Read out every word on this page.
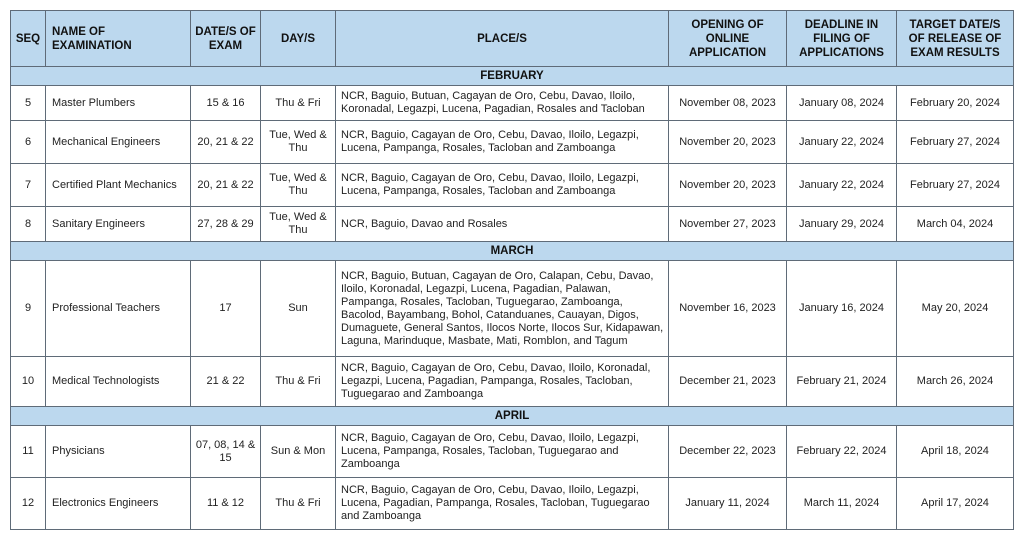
SEQ	NAME OF EXAMINATION	DATE/S OF EXAM	DAY/S	PLACE/S	OPENING OF ONLINE APPLICATION	DEADLINE IN FILING OF APPLICATIONS	TARGET DATE/S OF RELEASE OF EXAM RESULTS
FEBRUARY							
5	Master Plumbers	15 & 16	Thu & Fri	NCR, Baguio, Butuan, Cagayan de Oro, Cebu, Davao, Iloilo, Koronadal, Legazpi, Lucena, Pagadian, Rosales and Tacloban	November 08, 2023	January 08, 2024	February 20, 2024
6	Mechanical Engineers	20, 21 & 22	Tue, Wed & Thu	NCR, Baguio, Cagayan de Oro, Cebu, Davao, Iloilo, Legazpi, Lucena, Pampanga, Rosales, Tacloban and Zamboanga	November 20, 2023	January 22, 2024	February 27, 2024
7	Certified Plant Mechanics	20, 21 & 22	Tue, Wed & Thu	NCR, Baguio, Cagayan de Oro, Cebu, Davao, Iloilo, Legazpi, Lucena, Pampanga, Rosales, Tacloban and Zamboanga	November 20, 2023	January 22, 2024	February 27, 2024
8	Sanitary Engineers	27, 28 & 29	Tue, Wed & Thu	NCR, Baguio, Davao and Rosales	November 27, 2023	January 29, 2024	March 04, 2024
MARCH							
9	Professional Teachers	17	Sun	NCR, Baguio, Butuan, Cagayan de Oro, Calapan, Cebu, Davao, Iloilo, Koronadal, Legazpi, Lucena, Pagadian, Palawan, Pampanga, Rosales, Tacloban, Tuguegarao, Zamboanga, Bacolod, Bayambang, Bohol, Catanduanes, Cauayan, Digos, Dumaguete, General Santos, Ilocos Norte, Ilocos Sur, Kidapawan, Laguna, Marinduque, Masbate, Mati, Romblon, and Tagum	November 16, 2023	January 16, 2024	May 20, 2024
10	Medical Technologists	21 & 22	Thu & Fri	NCR, Baguio, Cagayan de Oro, Cebu, Davao, Iloilo, Koronadal, Legazpi, Lucena, Pagadian, Pampanga, Rosales, Tacloban, Tuguegarao and Zamboanga	December 21, 2023	February 21, 2024	March 26, 2024
APRIL							
11	Physicians	07, 08, 14 & 15	Sun & Mon	NCR, Baguio, Cagayan de Oro, Cebu, Davao, Iloilo, Legazpi, Lucena, Pampanga, Rosales, Tacloban, Tuguegarao and Zamboanga	December 22, 2023	February 22, 2024	April 18, 2024
12	Electronics Engineers	11 & 12	Thu & Fri	NCR, Baguio, Cagayan de Oro, Cebu, Davao, Iloilo, Legazpi, Lucena, Pagadian, Pampanga, Rosales, Tacloban, Tuguegarao and Zamboanga	January 11, 2024	March 11, 2024	April 17, 2024
